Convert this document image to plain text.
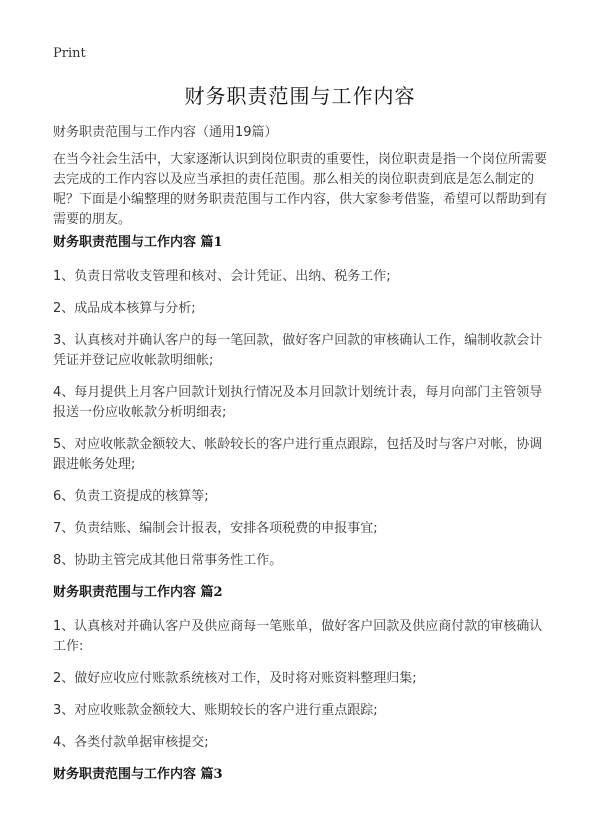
Print
财务职责范围与工作内容
财务职责范围与工作内容（通用19篇）

在当今社会生活中，大家逐渐认识到岗位职责的重要性，岗位职责是指一个岗位所需要去完成的工作内容以及应当承担的责任范围。那么相关的岗位职责到底是怎么制定的呢？下面是小编整理的财务职责范围与工作内容，供大家参考借鉴，希望可以帮助到有需要的朋友。

财务职责范围与工作内容 篇1

1、负责日常收支管理和核对、会计凭证、出纳、税务工作;

2、成品成本核算与分析;

3、认真核对并确认客户的每一笔回款，做好客户回款的审核确认工作，编制收款会计凭证并登记应收帐款明细帐;

4、每月提供上月客户回款计划执行情况及本月回款计划统计表，每月向部门主管领导报送一份应收帐款分析明细表;

5、对应收帐款金额较大、帐龄较长的客户进行重点跟踪，包括及时与客户对帐，协调跟进帐务处理;

6、负责工资提成的核算等;

7、负责结账、编制会计报表，安排各项税费的申报事宜;

8、协助主管完成其他日常事务性工作。

财务职责范围与工作内容 篇2

1、认真核对并确认客户及供应商每一笔账单，做好客户回款及供应商付款的审核确认工作:

2、做好应收应付账款系统核对工作，及时将对账资料整理归集;

3、对应收账款金额较大、账期较长的客户进行重点跟踪;

4、各类付款单据审核提交;

财务职责范围与工作内容 篇3
